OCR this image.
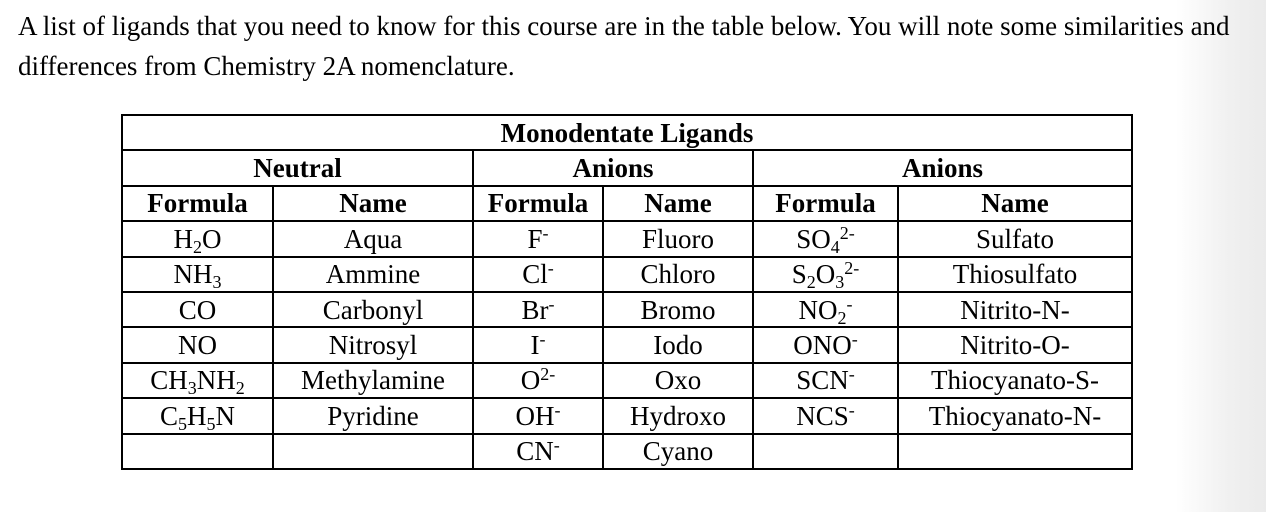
A list of ligands that you need to know for this course are in the table below. You will note some similarities and differences from Chemistry 2A nomenclature.
Monodentate Ligands					
Neutral		Anions		Anions	
Formula	Name	Formula	Name	Formula	Name
$H_2O$	Aqua	F-	Fluoro	$SO_4^{2-}$	Sulfato
$NH_3$	Ammine	Cl-	Chloro	$S_2O_3^{2-}$	Thiosulfato
CO	Carbonyl	Br-	Bromo	$NO_2^-$	Nitrito-N-
NO	Nitrosyl	I-	Iodo	ONO-	Nitrito-O-
$CH_3NH_2$	Methylamine	$O^{2-}$	Oxo	SCN-	Thiocyanato-S-
$C_5H_5N$	Pyridine	OH-	Hydroxo	NCS-	Thiocyanato-N-
		CN-	Cyano		
